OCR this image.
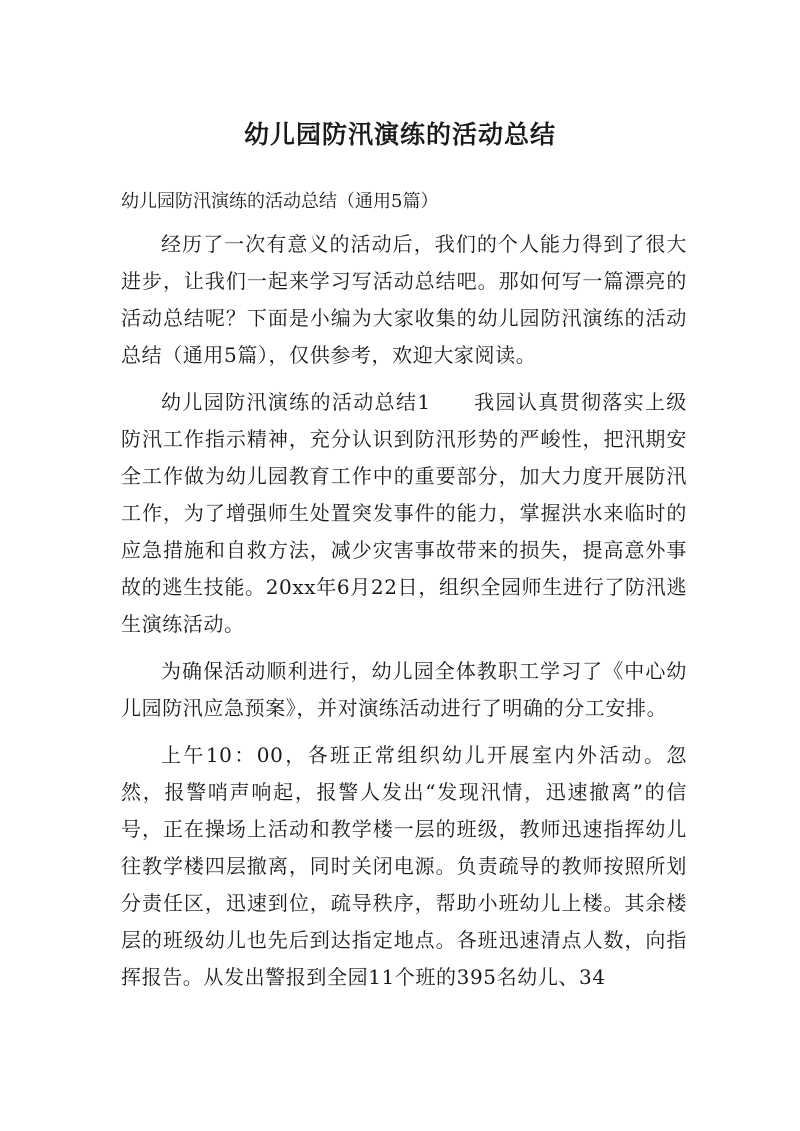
幼儿园防汛演练的活动总结
幼儿园防汛演练的活动总结（通用5篇）

经历了一次有意义的活动后，我们的个人能力得到了很大进步，让我们一起来学习写活动总结吧。那如何写一篇漂亮的活动总结呢？下面是小编为大家收集的幼儿园防汛演练的活动总结（通用5篇），仅供参考，欢迎大家阅读。

幼儿园防汛演练的活动总结1　　我园认真贯彻落实上级防汛工作指示精神，充分认识到防汛形势的严峻性，把汛期安全工作做为幼儿园教育工作中的重要部分，加大力度开展防汛工作，为了增强师生处置突发事件的能力，掌握洪水来临时的应急措施和自救方法，减少灾害事故带来的损失，提高意外事故的逃生技能。20xx年6月22日，组织全园师生进行了防汛逃生演练活动。

为确保活动顺利进行，幼儿园全体教职工学习了《中心幼儿园防汛应急预案》，并对演练活动进行了明确的分工安排。

上午10：00，各班正常组织幼儿开展室内外活动。忽然，报警哨声响起，报警人发出“发现汛情，迅速撤离”的信号，正在操场上活动和教学楼一层的班级，教师迅速指挥幼儿往教学楼四层撤离，同时关闭电源。负责疏导的教师按照所划分责任区，迅速到位，疏导秩序，帮助小班幼儿上楼。其余楼层的班级幼儿也先后到达指定地点。各班迅速清点人数，向指挥报告。从发出警报到全园11个班的395名幼儿、34
